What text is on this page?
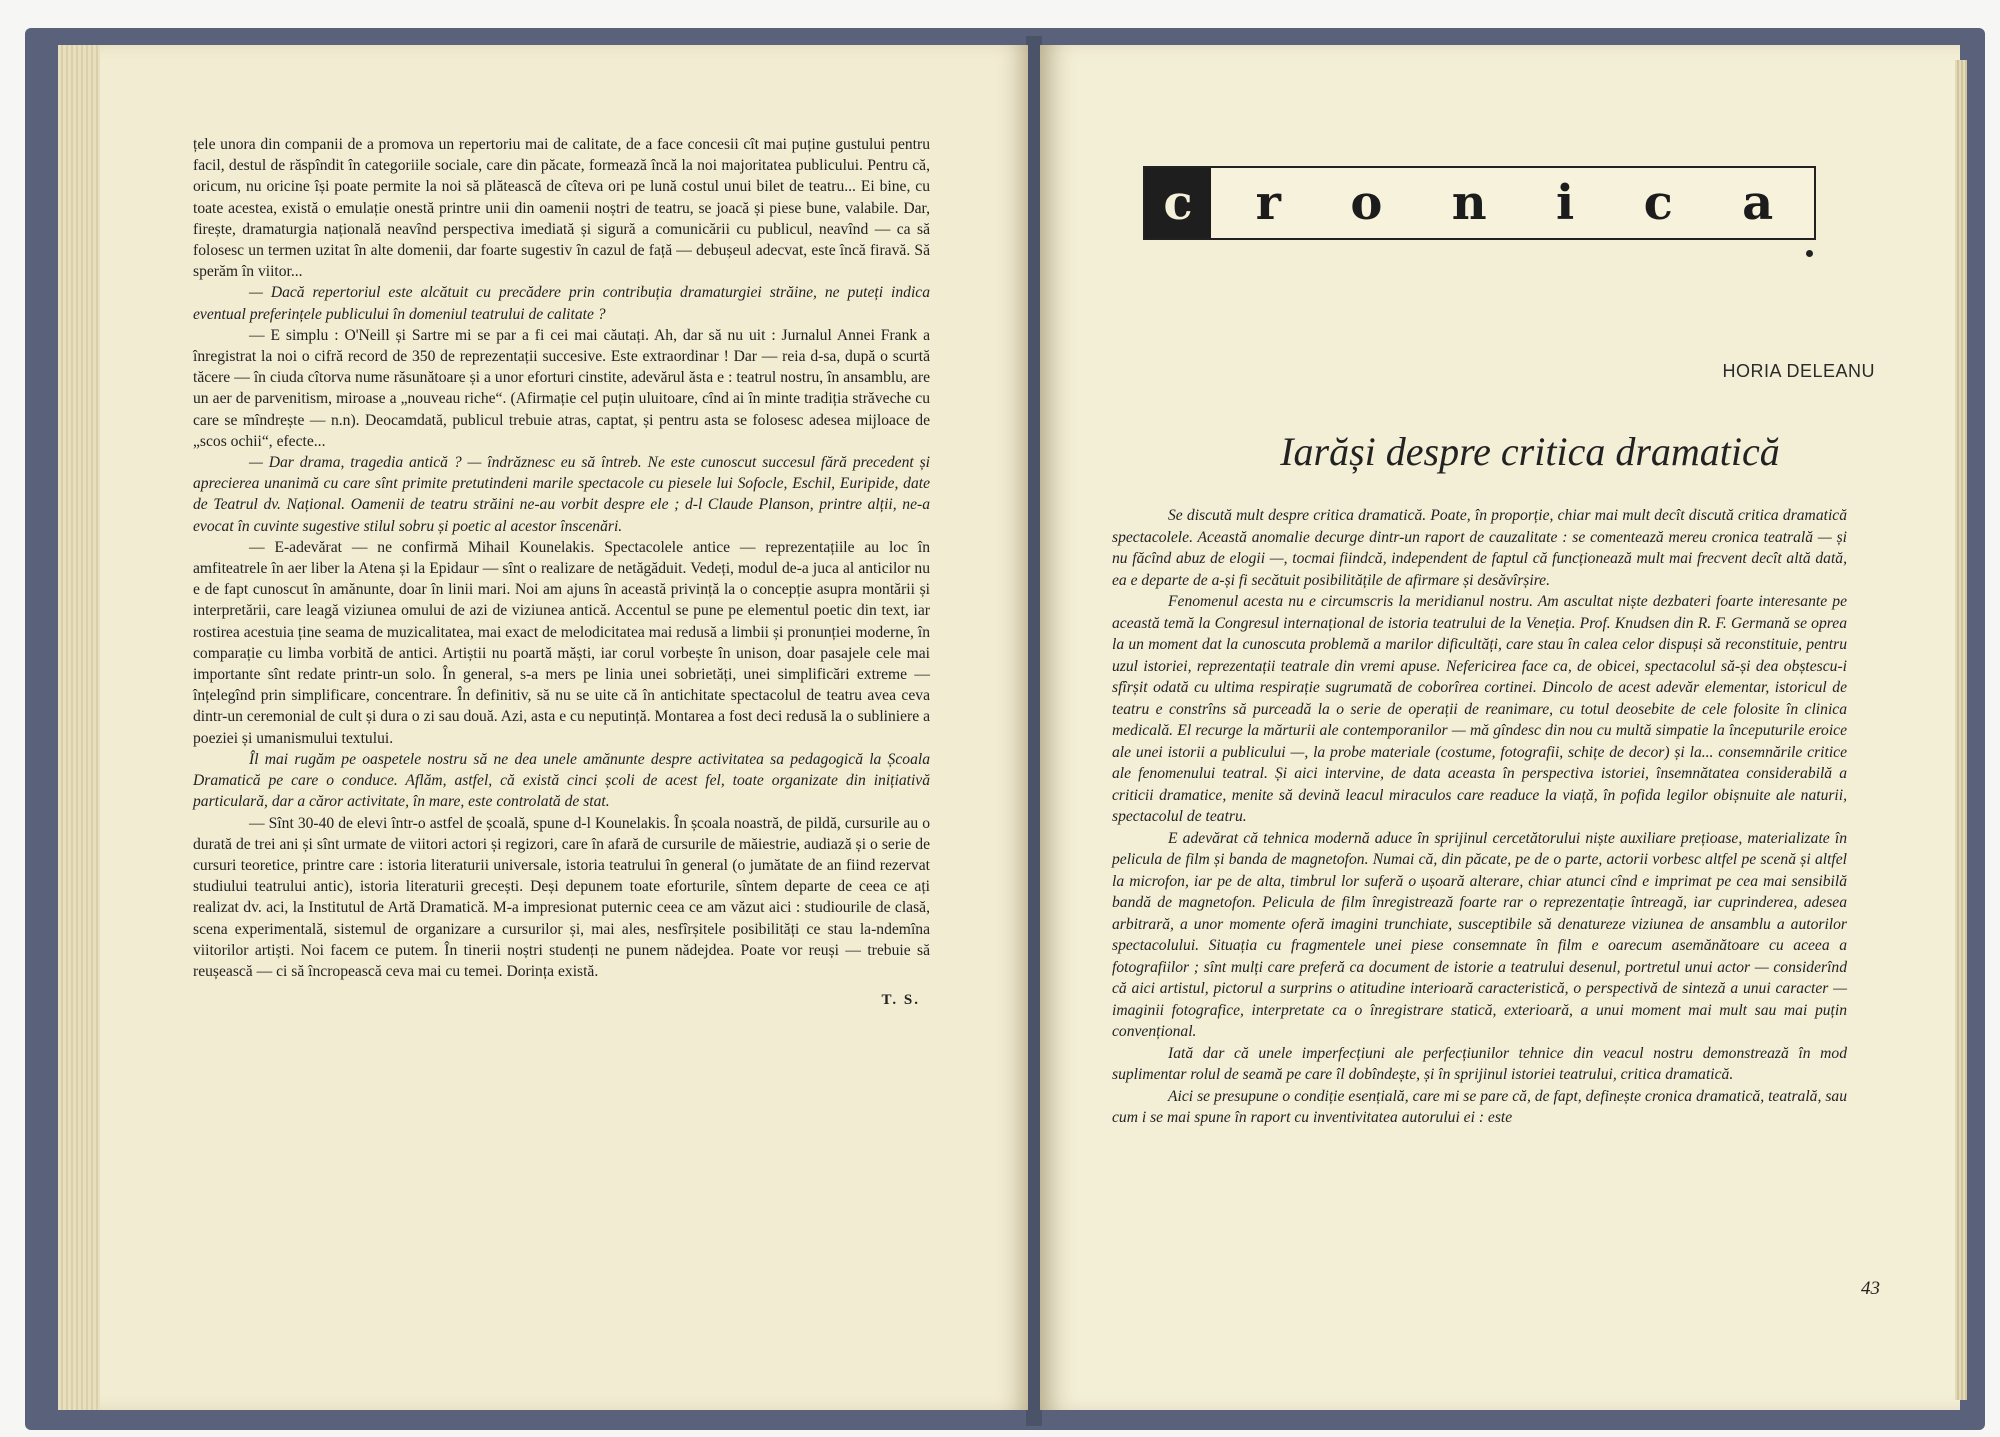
țele unora din companii de a promova un repertoriu mai de calitate, de a face concesii cît mai puține gustului pentru facil, destul de răspîndit în categoriile sociale, care din păcate, formează încă la noi majoritatea publicului. Pentru că, oricum, nu oricine își poate permite la noi să plătească de cîteva ori pe lună costul unui bilet de teatru... Ei bine, cu toate acestea, există o emulație onestă printre unii din oamenii noștri de teatru, se joacă și piese bune, valabile. Dar, firește, dramaturgia națională neavînd perspectiva imediată și sigură a comunicării cu publicul, neavînd — ca să folosesc un termen uzitat în alte domenii, dar foarte sugestiv în cazul de față — debușeul adecvat, este încă firavă. Să sperăm în viitor...

— Dacă repertoriul este alcătuit cu precădere prin contribuția dramaturgiei străine, ne puteți indica eventual preferințele publicului în domeniul teatrului de calitate ?

— E simplu : O'Neill și Sartre mi se par a fi cei mai căutați. Ah, dar să nu uit : Jurnalul Annei Frank a înregistrat la noi o cifră record de 350 de reprezentații succesive. Este extraordinar ! Dar — reia d-sa, după o scurtă tăcere — în ciuda cîtorva nume răsunătoare și a unor eforturi cinstite, adevărul ăsta e : teatrul nostru, în ansamblu, are un aer de parvenitism, miroase a „nouveau riche“. (Afirmație cel puțin uluitoare, cînd ai în minte tradiția străveche cu care se mîndrește — n.n). Deocamdată, publicul trebuie atras, captat, și pentru asta se folosesc adesea mijloace de „scos ochii“, efecte...

— Dar drama, tragedia antică ? — îndrăznesc eu să întreb. Ne este cunoscut succesul fără precedent și aprecierea unanimă cu care sînt primite pretutindeni marile spectacole cu piesele lui Sofocle, Eschil, Euripide, date de Teatrul dv. Național. Oamenii de teatru străini ne-au vorbit despre ele ; d-l Claude Planson, printre alții, ne-a evocat în cuvinte sugestive stilul sobru și poetic al acestor înscenări.

— E-adevărat — ne confirmă Mihail Kounelakis. Spectacolele antice — reprezentațiile au loc în amfiteatrele în aer liber la Atena și la Epidaur — sînt o realizare de netăgăduit. Vedeți, modul de-a juca al anticilor nu e de fapt cunoscut în amănunte, doar în linii mari. Noi am ajuns în această privință la o concepție asupra montării și interpretării, care leagă viziunea omului de azi de viziunea antică. Accentul se pune pe elementul poetic din text, iar rostirea acestuia ține seama de muzicalitatea, mai exact de melodicitatea mai redusă a limbii și pronunției moderne, în comparație cu limba vorbită de antici. Artiștii nu poartă măști, iar corul vorbește în unison, doar pasajele cele mai importante sînt redate printr-un solo. În general, s-a mers pe linia unei sobrietăți, unei simplificări extreme — înțelegînd prin simplificare, concentrare. În definitiv, să nu se uite că în antichitate spectacolul de teatru avea ceva dintr-un ceremonial de cult și dura o zi sau două. Azi, asta e cu neputință. Montarea a fost deci redusă la o subliniere a poeziei și umanismului textului.

Îl mai rugăm pe oaspetele nostru să ne dea unele amănunte despre activitatea sa pedagogică la Școala Dramatică pe care o conduce. Aflăm, astfel, că există cinci școli de acest fel, toate organizate din inițiativă particulară, dar a căror activitate, în mare, este controlată de stat.

— Sînt 30-40 de elevi într-o astfel de școală, spune d-l Kounelakis. În școala noastră, de pildă, cursurile au o durată de trei ani și sînt urmate de viitori actori și regizori, care în afară de cursurile de măiestrie, audiază și o serie de cursuri teoretice, printre care : istoria literaturii universale, istoria teatrului în general (o jumătate de an fiind rezervat studiului teatrului antic), istoria literaturii grecești. Deși depunem toate eforturile, sîntem departe de ceea ce ați realizat dv. aci, la Institutul de Artă Dramatică. M-a impresionat puternic ceea ce am văzut aici : studiourile de clasă, scena experimentală, sistemul de organizare a cursurilor și, mai ales, nesfîrșitele posibilități ce stau la-ndemîna viitorilor artiști. Noi facem ce putem. În tinerii noștri studenți ne punem nădejdea. Poate vor reuși — trebuie să reușească — ci să încropească ceva mai cu temei. Dorința există.

T. S.

c	r o n i c a
HORIA DELEANU
Iarăși despre critica dramatică

Se discută mult despre critica dramatică. Poate, în proporție, chiar mai mult decît discută critica dramatică spectacolele. Această anomalie decurge dintr-un raport de cauzalitate : se comentează mereu cronica teatrală — și nu făcînd abuz de elogii —, tocmai fiindcă, independent de faptul că funcționează mult mai frecvent decît altă dată, ea e departe de a-și fi secătuit posibilitățile de afirmare și desăvîrșire.

Fenomenul acesta nu e circumscris la meridianul nostru. Am ascultat niște dezbateri foarte interesante pe această temă la Congresul internațional de istoria teatrului de la Veneția. Prof. Knudsen din R. F. Germană se oprea la un moment dat la cunoscuta problemă a marilor dificultăți, care stau în calea celor dispuși să reconstituie, pentru uzul istoriei, reprezentații teatrale din vremi apuse. Nefericirea face ca, de obicei, spectacolul să-și dea obștescu-i sfîrșit odată cu ultima respirație sugrumată de coborîrea cortinei. Dincolo de acest adevăr elementar, istoricul de teatru e constrîns să purceadă la o serie de operații de reanimare, cu totul deosebite de cele folosite în clinica medicală. El recurge la mărturii ale contemporanilor — mă gîndesc din nou cu multă simpatie la începuturile eroice ale unei istorii a publicului —, la probe materiale (costume, fotografii, schițe de decor) și la... consemnările critice ale fenomenului teatral. Și aici intervine, de data aceasta în perspectiva istoriei, însemnătatea considerabilă a criticii dramatice, menite să devină leacul miraculos care readuce la viață, în pofida legilor obișnuite ale naturii, spectacolul de teatru.

E adevărat că tehnica modernă aduce în sprijinul cercetătorului niște auxiliare prețioase, materializate în pelicula de film și banda de magnetofon. Numai că, din păcate, pe de o parte, actorii vorbesc altfel pe scenă și altfel la microfon, iar pe de alta, timbrul lor suferă o ușoară alterare, chiar atunci cînd e imprimat pe cea mai sensibilă bandă de magnetofon. Pelicula de film înregistrează foarte rar o reprezentație întreagă, iar cuprinderea, adesea arbitrară, a unor momente oferă imagini trunchiate, susceptibile să denatureze viziunea de ansamblu a autorilor spectacolului. Situația cu fragmentele unei piese consemnate în film e oarecum asemănătoare cu aceea a fotografiilor ; sînt mulți care preferă ca document de istorie a teatrului desenul, portretul unui actor — considerînd că aici artistul, pictorul a surprins o atitudine interioară caracteristică, o perspectivă de sinteză a unui caracter — imaginii fotografice, interpretate ca o înregistrare statică, exterioară, a unui moment mai mult sau mai puțin convențional.

Iată dar că unele imperfecțiuni ale perfecțiunilor tehnice din veacul nostru demonstrează în mod suplimentar rolul de seamă pe care îl dobîndește, și în sprijinul istoriei teatrului, critica dramatică.

Aici se presupune o condiție esențială, care mi se pare că, de fapt, definește cronica dramatică, teatrală, sau cum i se mai spune în raport cu inventivitatea autorului ei : este

43
